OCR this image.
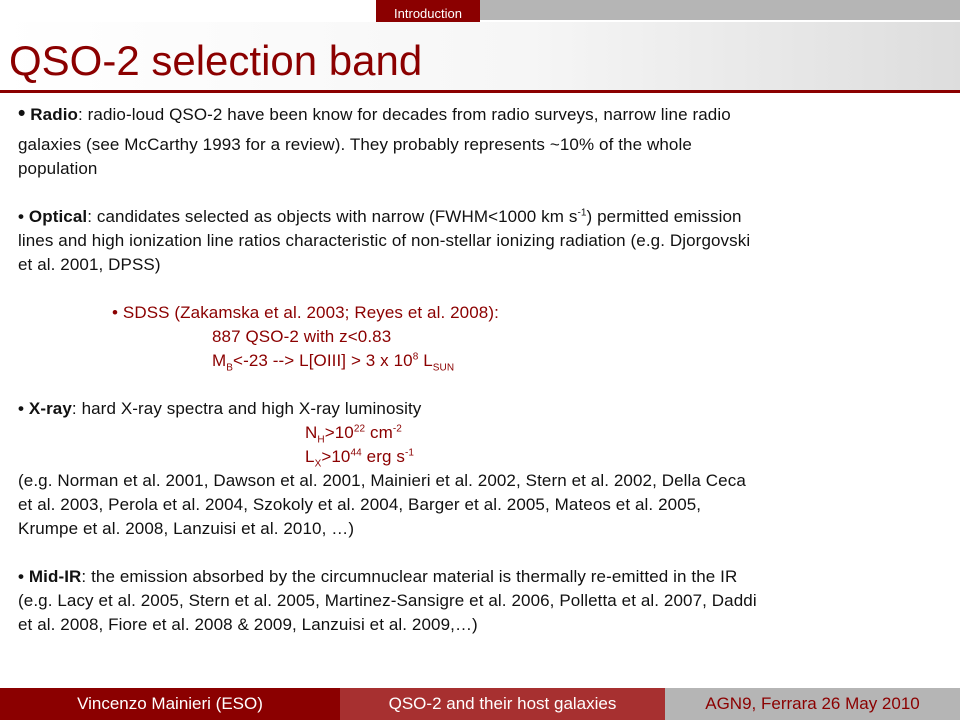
Introduction
QSO-2 selection band

• Radio: radio-loud QSO-2 have been know for decades from radio surveys, narrow line radio

galaxies (see McCarthy 1993 for a review). They probably represents ~10% of the whole

population

• Optical: candidates selected as objects with narrow (FWHM<1000 km $s^{-1}$) permitted emission

lines and high ionization line ratios characteristic of non-stellar ionizing radiation (e.g. Djorgovski

et al. 2001, DPSS)

• SDSS (Zakamska et al. 2003; Reyes et al. 2008):

887 QSO-2 with z<0.83

$M_B<-23$ --> L[OIII] > 3 x $10^8$ $L_{SUN}$

• X-ray: hard X-ray spectra and high X-ray luminosity

$N_H>10^{22}$ $cm^{-2}$

$L_X>10^{44}$ erg $s^{-1}$

(e.g. Norman et al. 2001, Dawson et al. 2001, Mainieri et al. 2002, Stern et al. 2002, Della Ceca

et al. 2003, Perola et al. 2004, Szokoly et al. 2004, Barger et al. 2005, Mateos et al. 2005,

Krumpe et al. 2008, Lanzuisi et al. 2010, …)

• Mid-IR: the emission absorbed by the circumnuclear material is thermally re-emitted in the IR

(e.g. Lacy et al. 2005, Stern et al. 2005, Martinez-Sansigre et al. 2006, Polletta et al. 2007, Daddi

et al. 2008, Fiore et al. 2008 & 2009, Lanzuisi et al. 2009,…)

Vincenzo Mainieri (ESO)	QSO-2 and their host galaxies	AGN9, Ferrara 26 May 2010
